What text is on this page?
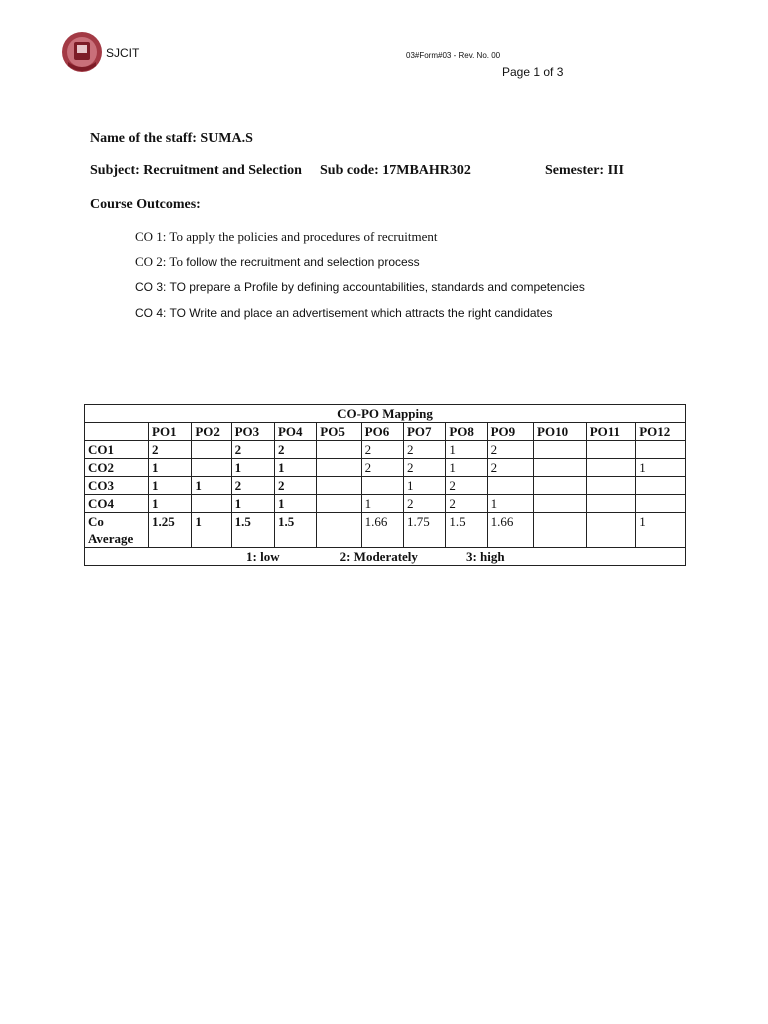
SJCIT	03#Form#03 - Rev. No. 00
Page 1 of 3
Name of the staff: SUMA.S
Subject: Recruitment and Selection Sub code: 17MBAHR302	Semester: III
Course Outcomes:
CO 1: To apply the policies and procedures of recruitment
CO 2: To follow the recruitment and selection process
CO 3: TO prepare a Profile by defining accountabilities, standards and competencies
CO 4: TO Write and place an advertisement which attracts the right candidates
CO-PO Mapping												
	PO1	PO2	PO3	PO4	PO5	PO6	PO7	PO8	PO9	PO10	PO11	PO12
CO1	2		2	2		2	2	1	2			
CO2	1		1	1		2	2	1	2			1
CO3	1	1	2	2			1	2				
CO4	1		1	1		1	2	2	1			
Co Average	1.25	1	1.5	1.5		1.66	1.75	1.5	1.66			1
1: low 2: Moderately 3: high												
